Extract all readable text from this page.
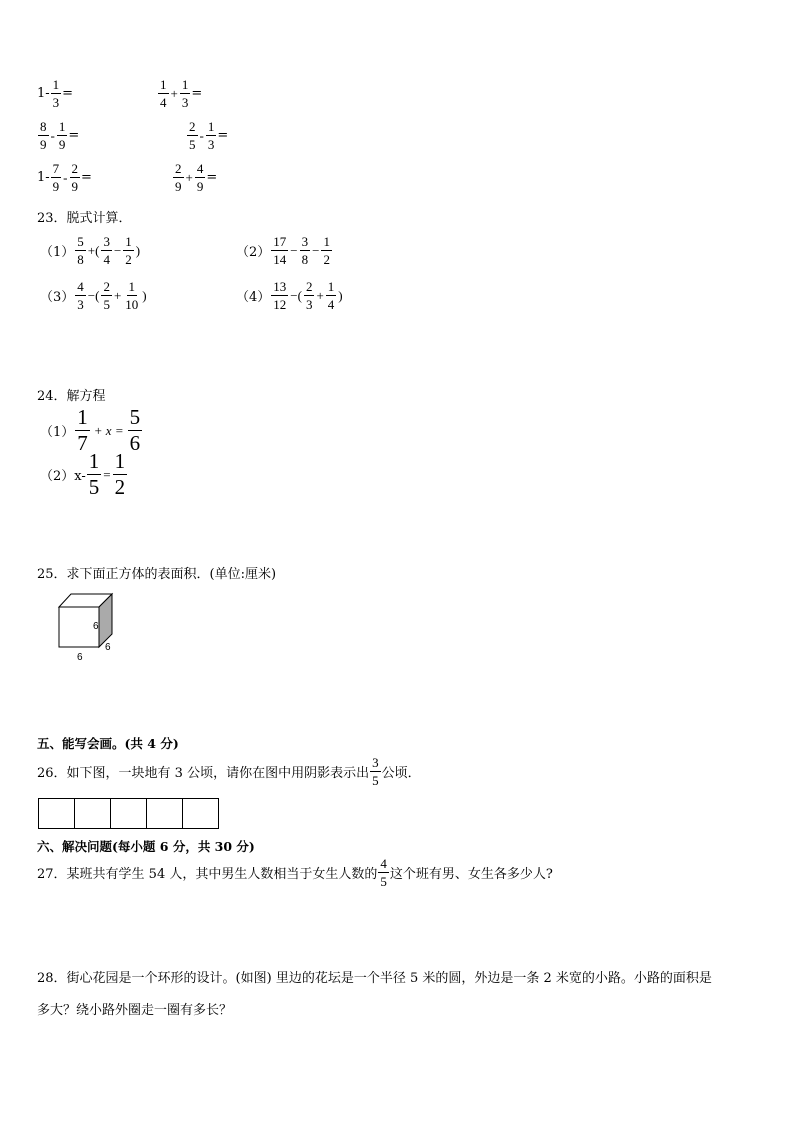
$1- \frac{1}{3}$ =	$\frac{1}{4} + \frac{1}{3}$ =
$\frac{8}{9} - \frac{1}{9}$ =	$\frac{2}{5} - \frac{1}{3}$ =
$1- \frac{7}{9} - \frac{2}{9}$ =	$\frac{2}{9} + \frac{4}{9}$ =
23．脱式计算．
$(1) \frac{5}{8}$ +( $\frac{3}{4} - \frac{1}{2}$ )	$(2) \frac{17}{14} - \frac{3}{8} - \frac{1}{2}$
$(3) \frac{4}{3}$ −( $\frac{2}{5} + \frac{1}{10}$ )	$(4) \frac{13}{12}$ −( $\frac{2}{3} + \frac{1}{4}$ )
24．解方程
$(1) \frac{1}{7} + x = \frac{5}{6}$
$(2)x- \frac{1}{5} = \frac{1}{2}$
25．求下面正方体的表面积．(单位:厘米)
6
6
6
五、能写会画。(共 4 分)
26．如下图，一块地有 3 公顷，请你在图中用阴影表示出 $\frac{3}{5}$ 公顷．
六、解决问题(每小题 6 分，共 30 分)
27．某班共有学生 54 人，其中男生人数相当于女生人数的 $\frac{4}{5}$ 这个班有男、女生各多少人?
28．街心花园是一个环形的设计。(如图) 里边的花坛是一个半径 5 米的圆，外边是一条 2 米宽的小路。小路的面积是
多大？绕小路外圈走一圈有多长？
